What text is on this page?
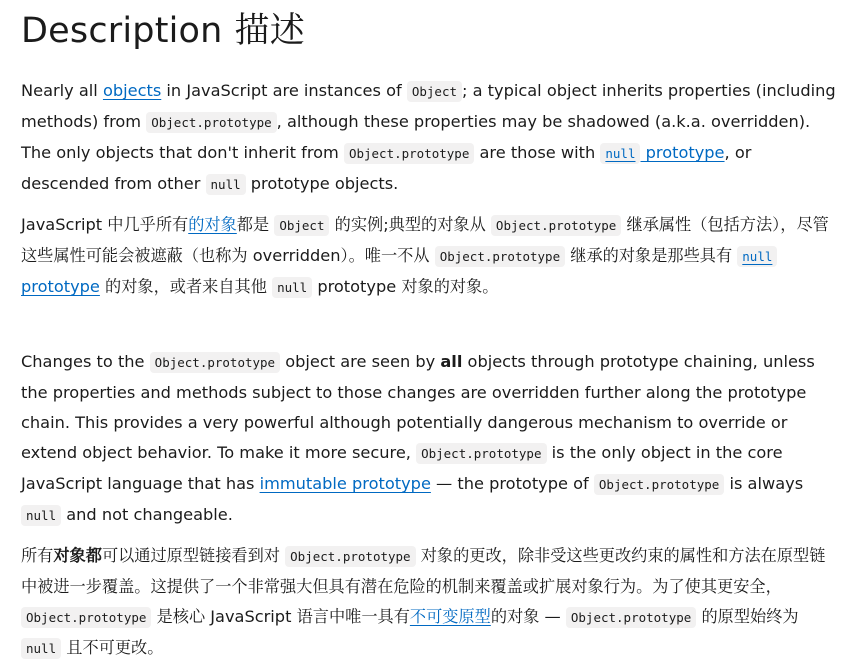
Description 描述

Nearly all objects in JavaScript are instances of Object ; a typical object inherits properties (including methods) from Object.prototype , although these properties may be shadowed (a.k.a. overridden). The only objects that don't inherit from Object.prototype are those with null prototype, or descended from other null prototype objects.

JavaScript 中几乎所有的对象都是 Object 的实例;典型的对象从 Object.prototype 继承属性（包括方法），尽管这些属性可能会被遮蔽（也称为 overridden）。唯一不从 Object.prototype 继承的对象是那些具有 null prototype 的对象，或者来自其他 null prototype 对象的对象。

Changes to the Object.prototype object are seen by all objects through prototype chaining, unless the properties and methods subject to those changes are overridden further along the prototype chain. This provides a very powerful although potentially dangerous mechanism to override or extend object behavior. To make it more secure, Object.prototype is the only object in the core JavaScript language that has immutable prototype — the prototype of Object.prototype is always null and not changeable.

所有对象都可以通过原型链接看到对 Object.prototype 对象的更改，除非受这些更改约束的属性和方法在原型链中被进一步覆盖。这提供了一个非常强大但具有潜在危险的机制来覆盖或扩展对象行为。为了使其更安全，Object.prototype 是核心 JavaScript 语言中唯一具有不可变原型的对象 — Object.prototype 的原型始终为 null 且不可更改。
